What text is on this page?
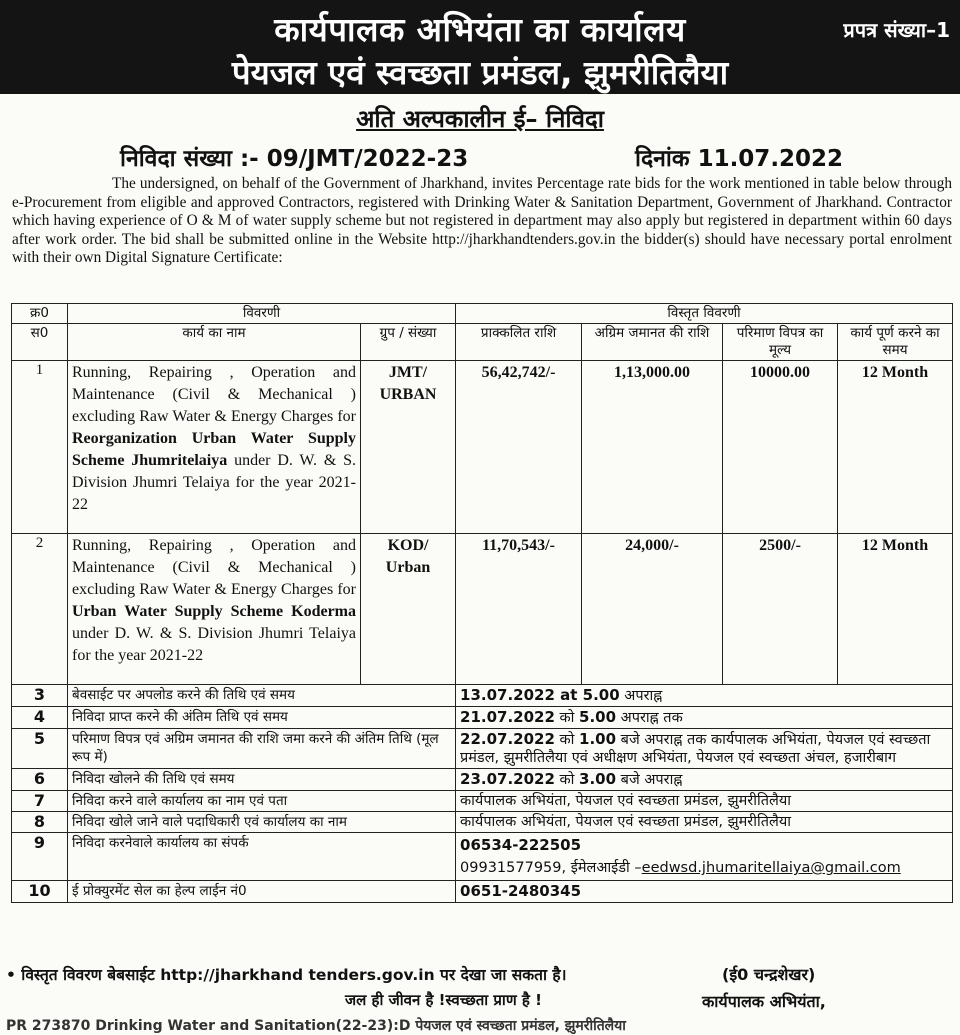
कार्यपालक अभियंता का कार्यालय
पेयजल एवं स्वच्छता प्रमंडल, झुमरीतिलैया
प्रपत्र संख्या–1
अति अल्पकालीन ई– निविदा
निविदा संख्या :- 09/JMT/2022-23	दिनांक 11.07.2022
The undersigned, on behalf of the Government of Jharkhand, invites Percentage rate bids for the work mentioned in table below through e-Procurement from eligible and approved Contractors, registered with Drinking Water & Sanitation Department, Government of Jharkhand. Contractor which having experience of O & M of water supply scheme but not registered in department may also apply but registered in department within 60 days after work order. The bid shall be submitted online in the Website http://jharkhandtenders.gov.in the bidder(s) should have necessary portal enrolment with their own Digital Signature Certificate:
क्र0	विवरणी		विस्तृत विवरणी			
स0	कार्य का नाम	ग्रुप / संख्या	प्राक्कलित राशि	अग्रिम जमानत की राशि	परिमाण विपत्र का मूल्य	कार्य पूर्ण करने का समय
1	Running, Repairing , Operation and Maintenance (Civil & Mechanical ) excluding Raw Water & Energy Charges for Reorganization Urban Water Supply Scheme Jhumritelaiya under D. W. & S. Division Jhumri Telaiya for the year 2021-22	JMT/
URBAN	56,42,742/-	1,13,000.00	10000.00	12 Month
2	Running, Repairing , Operation and Maintenance (Civil & Mechanical ) excluding Raw Water & Energy Charges for Urban Water Supply Scheme Koderma under D. W. & S. Division Jhumri Telaiya for the year 2021-22	KOD/
Urban	11,70,543/-	24,000/-	2500/-	12 Month
3	बेवसाईट पर अपलोड करने की तिथि एवं समय		13.07.2022 at 5.00 अपराह्न			
4	निविदा प्राप्त करने की अंतिम तिथि एवं समय		21.07.2022 को 5.00 अपराह्न तक			
5	परिमाण विपत्र एवं अग्रिम जमानत की राशि जमा करने की अंतिम तिथि (मूल रूप में)		22.07.2022 को 1.00 बजे अपराह्न तक कार्यपालक अभियंता, पेयजल एवं स्वच्छता प्रमंडल, झुमरीतिलैया एवं अधीक्षण अभियंता, पेयजल एवं स्वच्छता अंचल, हजारीबाग			
6	निविदा खोलने की तिथि एवं समय		23.07.2022 को 3.00 बजे अपराह्न			
7	निविदा करने वाले कार्यालय का नाम एवं पता		कार्यपालक अभियंता, पेयजल एवं स्वच्छता प्रमंडल, झुमरीतिलैया			
8	निविदा खोले जाने वाले पदाधिकारी एवं कार्यालय का नाम		कार्यपालक अभियंता, पेयजल एवं स्वच्छता प्रमंडल, झुमरीतिलैया			
9	निविदा करनेवाले कार्यालय का संपर्क		06534-222505
09931577959, ईमेलआईडी –eedwsd.jhumaritellaiya@gmail.com			
10	ई प्रोक्युरमेंट सेल का हेल्प लाईन नं0		0651-2480345			
• विस्तृत विवरण बेबसाईट http://jharkhand tenders.gov.in पर देखा जा सकता है।	(ई0 चन्द्रशेखर)
जल ही जीवन है !स्वच्छता प्राण है !	कार्यपालक अभियंता,
PR 273870 Drinking Water and Sanitation(22-23):D पेयजल एवं स्वच्छता प्रमंडल, झुमरीतिलैया
